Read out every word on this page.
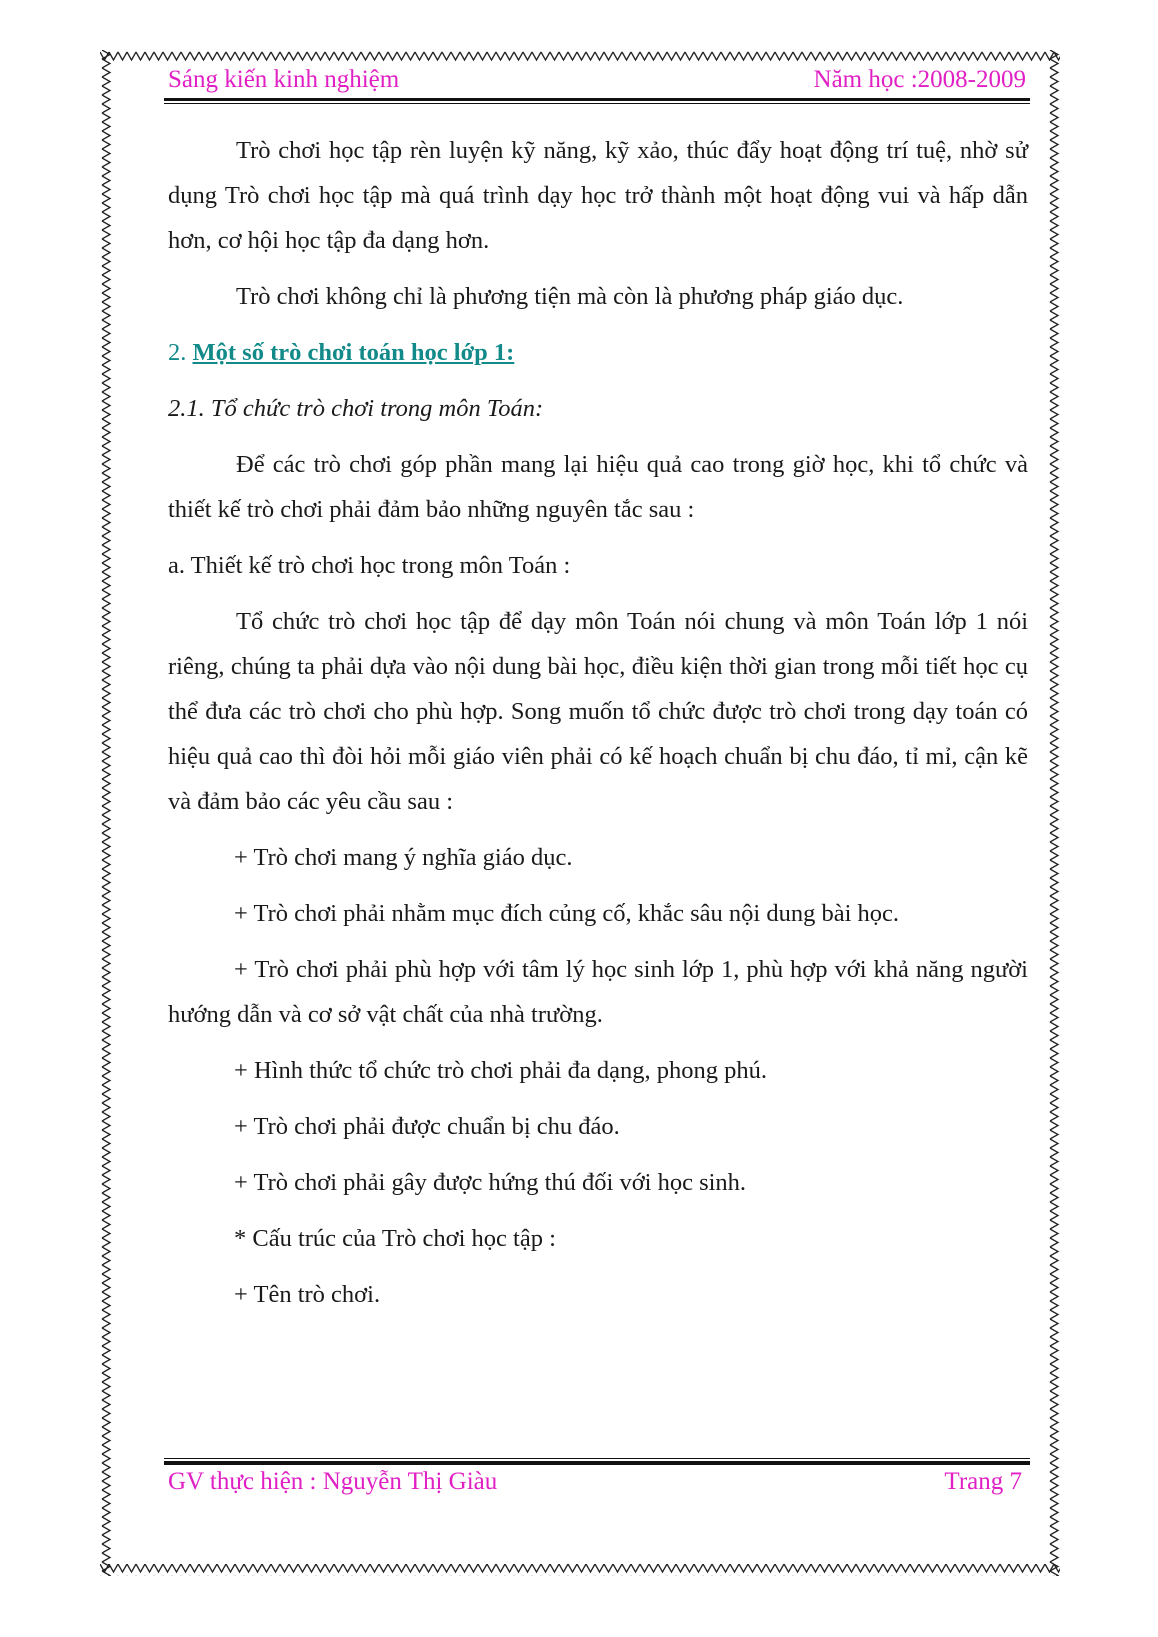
Sáng kiến kinh nghiệm	Năm học :2008-2009

Trò chơi học tập rèn luyện kỹ năng, kỹ xảo, thúc đẩy hoạt động trí tuệ, nhờ sử dụng Trò chơi học tập mà quá trình dạy học trở thành một hoạt động vui và hấp dẫn hơn, cơ hội học tập đa dạng hơn.

Trò chơi không chỉ là phương tiện mà còn là phương pháp giáo dục.

2. Một số trò chơi toán học lớp 1:

2.1. Tổ chức trò chơi trong môn Toán:

Để các trò chơi góp phần mang lại hiệu quả cao trong giờ học, khi tổ chức và thiết kế trò chơi phải đảm bảo những nguyên tắc sau :

a. Thiết kế trò chơi học trong môn Toán :

Tổ chức trò chơi học tập để dạy môn Toán nói chung và môn Toán lớp 1 nói riêng, chúng ta phải dựa vào nội dung bài học, điều kiện thời gian trong mỗi tiết học cụ thể đưa các trò chơi cho phù hợp. Song muốn tổ chức được trò chơi trong dạy toán có hiệu quả cao thì đòi hỏi mỗi giáo viên phải có kế hoạch chuẩn bị chu đáo, tỉ mỉ, cận kẽ và đảm bảo các yêu cầu sau :

+ Trò chơi mang ý nghĩa giáo dục.

+ Trò chơi phải nhằm mục đích củng cố, khắc sâu nội dung bài học.

+ Trò chơi phải phù hợp với tâm lý học sinh lớp 1, phù hợp với khả năng người hướng dẫn và cơ sở vật chất của nhà trường.

+ Hình thức tổ chức trò chơi phải đa dạng, phong phú.

+ Trò chơi phải được chuẩn bị chu đáo.

+ Trò chơi phải gây được hứng thú đối với học sinh.

* Cấu trúc của Trò chơi học tập :

+ Tên trò chơi.

GV thực hiện : Nguyễn Thị Giàu	Trang 7
